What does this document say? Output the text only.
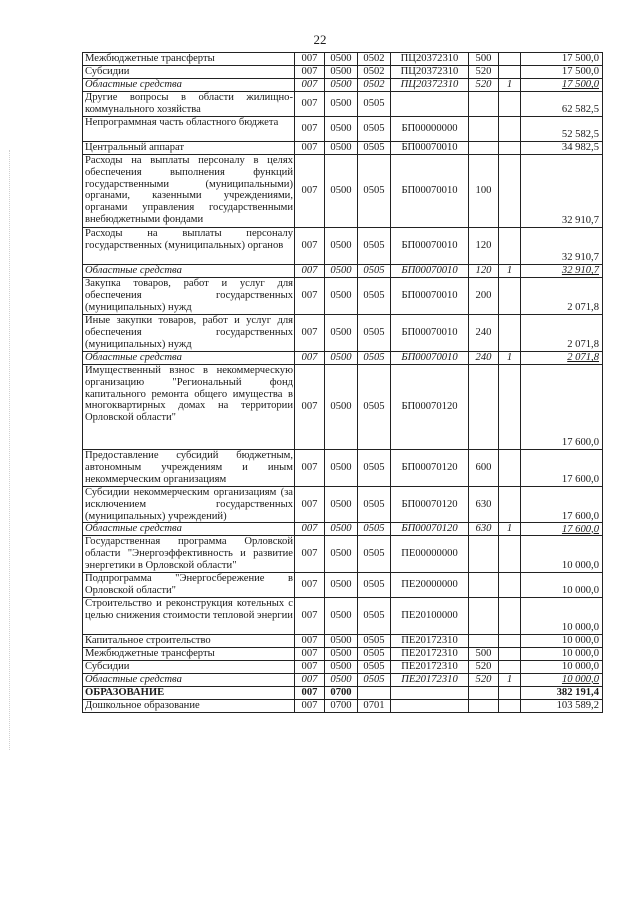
22
Межбюджетные трансферты	007	0500	0502	ПЦ20372310	500		17 500,0
Субсидии	007	0500	0502	ПЦ20372310	520		17 500,0
Областные средства	007	0500	0502	ПЦ20372310	520	1	17 500,0
Другие вопросы в области жилищно-коммунального хозяйства	007	0500	0505				62 582,5
Непрограммная часть областного бюджета	007	0500	0505	БП00000000			52 582,5
Центральный аппарат	007	0500	0505	БП00070010			34 982,5
Расходы на выплаты персоналу в целях обеспечения выполнения функций государственными (муниципальными) органами, казенными учреждениями, органами управления государственными внебюджетными фондами	007	0500	0505	БП00070010	100		32 910,7
Расходы на выплаты персоналу государственных (муниципальных) органов	007	0500	0505	БП00070010	120		32 910,7
Областные средства	007	0500	0505	БП00070010	120	1	32 910,7
Закупка товаров, работ и услуг для обеспечения государственных (муниципальных) нужд	007	0500	0505	БП00070010	200		2 071,8
Иные закупки товаров, работ и услуг для обеспечения государственных (муниципальных) нужд	007	0500	0505	БП00070010	240		2 071,8
Областные средства	007	0500	0505	БП00070010	240	1	2 071,8
Имущественный взнос в некоммерческую организацию "Региональный фонд капитального ремонта общего имущества в многоквартирных домах на территории Орловской области"	007	0500	0505	БП00070120			17 600,0
Предоставление субсидий бюджетным, автономным учреждениям и иным некоммерческим организациям	007	0500	0505	БП00070120	600		17 600,0
Субсидии некоммерческим организациям (за исключением государственных (муниципальных) учреждений)	007	0500	0505	БП00070120	630		17 600,0
Областные средства	007	0500	0505	БП00070120	630	1	17 600,0
Государственная программа Орловской области "Энергоэффективность и развитие энергетики в Орловской области"	007	0500	0505	ПЕ00000000			10 000,0
Подпрограмма "Энергосбережение в Орловской области"	007	0500	0505	ПЕ20000000			10 000,0
Строительство и реконструкция котельных с целью снижения стоимости тепловой энергии	007	0500	0505	ПЕ20100000			10 000,0
Капитальное строительство	007	0500	0505	ПЕ20172310			10 000,0
Межбюджетные трансферты	007	0500	0505	ПЕ20172310	500		10 000,0
Субсидии	007	0500	0505	ПЕ20172310	520		10 000,0
Областные средства	007	0500	0505	ПЕ20172310	520	1	10 000,0
ОБРАЗОВАНИЕ	007	0700					382 191,4
Дошкольное образование	007	0700	0701				103 589,2
